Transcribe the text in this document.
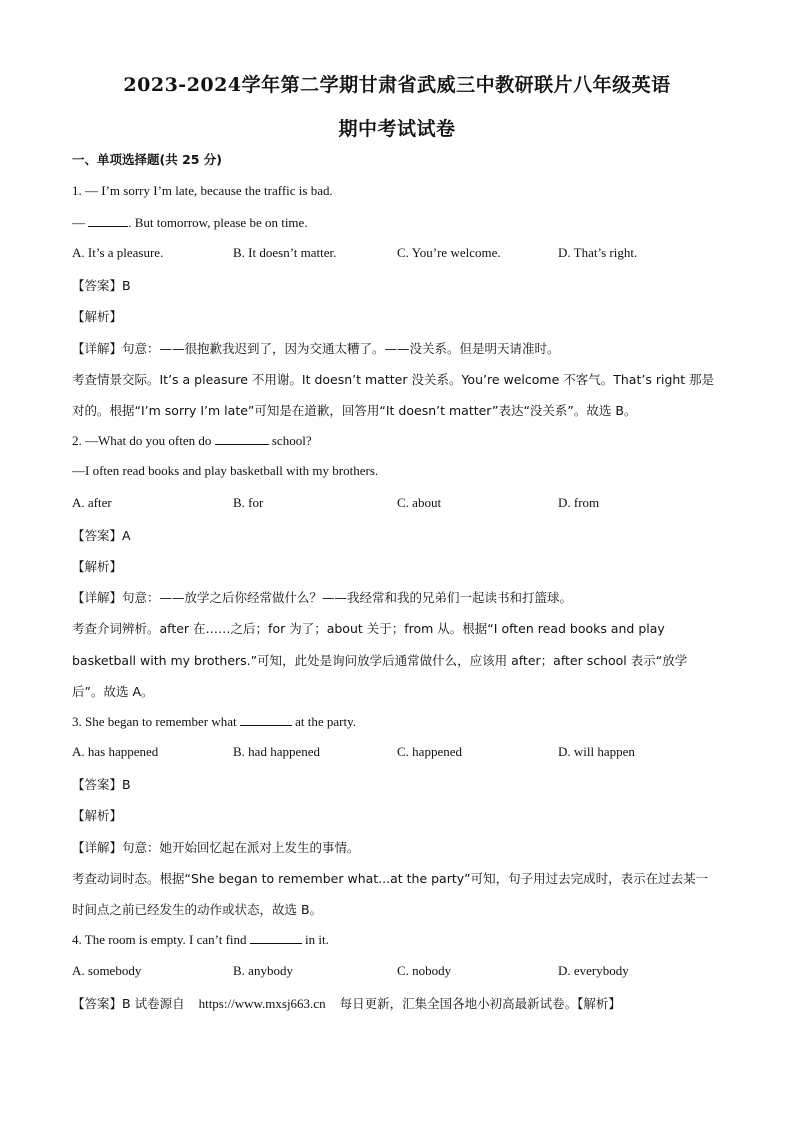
2023-2024学年第二学期甘肃省武威三中教研联片八年级英语
期中考试试卷
一、单项选择题(共 25 分)
1. — I’m sorry I’m late, because the traffic is bad.
—	. But tomorrow, please be on time.
A. It’s a pleasure.	B. It doesn’t matter.	C. You’re welcome.	D. That’s right.
【答案】B
【解析】
【详解】句意：——很抱歉我迟到了，因为交通太糟了。——没关系。但是明天请准时。
考查情景交际。It’s a pleasure 不用谢。It doesn’t matter 没关系。You’re welcome 不客气。That’s right 那是
对的。根据“I’m sorry I’m late”可知是在道歉，回答用“It doesn’t matter”表达“没关系”。故选 B。
2. —What do you often do	school?
—I often read books and play basketball with my brothers.
A. after	B. for	C. about	D. from
【答案】A
【解析】
【详解】句意：——放学之后你经常做什么？——我经常和我的兄弟们一起读书和打篮球。
考查介词辨析。after 在……之后；for 为了；about 关于；from 从。根据“I often read books and play
basketball with my brothers.”可知，此处是询问放学后通常做什么，应该用 after；after school 表示“放学
后”。故选 A。
3. She began to remember what	at the party.
A. has happened	B. had happened	C. happened	D. will happen
【答案】B
【解析】
【详解】句意：她开始回忆起在派对上发生的事情。
考查动词时态。根据“She began to remember what...at the party”可知，句子用过去完成时，表示在过去某一
时间点之前已经发生的动作或状态，故选 B。
4. The room is empty. I can’t find	in it.
A. somebody	B. anybody	C. nobody	D. everybody
【答案】B 试卷源自 https://www.mxsj663.cn 每日更新，汇集全国各地小初高最新试卷。【解析】
